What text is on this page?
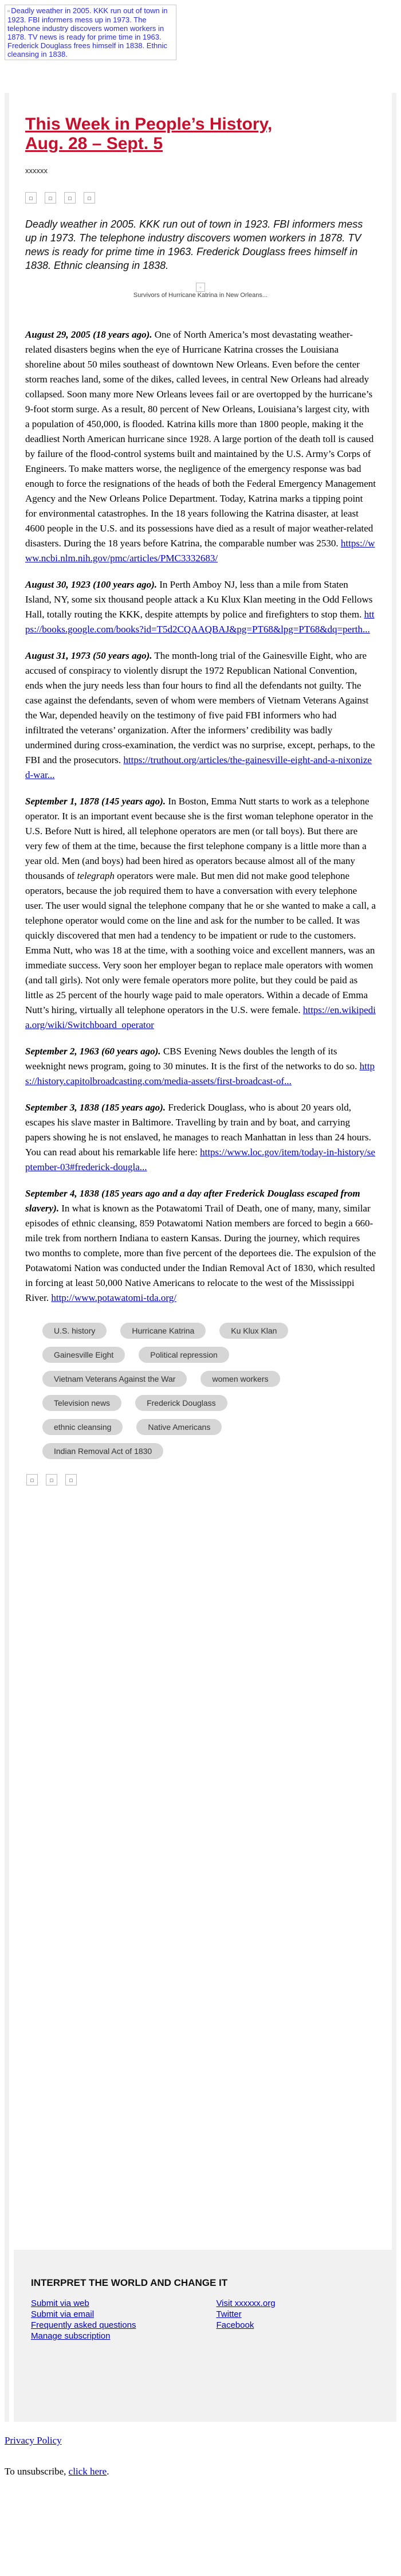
▫ Deadly weather in 2005. KKK run out of town in 1923. FBI informers mess up in 1973. The telephone industry discovers women workers in 1878. TV news is ready for prime time in 1963. Frederick Douglass frees himself in 1838. Ethnic cleansing in 1838.
This Week in People’s History,
Aug. 28 – Sept. 5
xxxxxx
▫	▫	▫	▫
Deadly weather in 2005. KKK run out of town in 1923. FBI informers mess up in 1973. The telephone industry discovers women workers in 1878. TV news is ready for prime time in 1963. Frederick Douglass frees himself in 1838. Ethnic cleansing in 1838.
▫
Survivors of Hurricane Katrina in New Orleans...
August 29, 2005 (18 years ago). One of North America’s most devastating weather-related disasters begins when the eye of Hurricane Katrina crosses the Louisiana shoreline about 50 miles southeast of downtown New Orleans. Even before the center storm reaches land, some of the dikes, called levees, in central New Orleans had already collapsed. Soon many more New Orleans levees fail or are overtopped by the hurricane’s 9-foot storm surge. As a result, 80 percent of New Orleans, Louisiana’s largest city, with a population of 450,000, is flooded. Katrina kills more than 1800 people, making it the deadliest North American hurricane since 1928. A large portion of the death toll is caused by failure of the flood-control systems built and maintained by the U.S. Army’s Corps of Engineers. To make matters worse, the negligence of the emergency response was bad enough to force the resignations of the heads of both the Federal Emergency Management Agency and the New Orleans Police Department. Today, Katrina marks a tipping point for environmental catastrophes. In the 18 years following the Katrina disaster, at least 4600 people in the U.S. and its possessions have died as a result of major weather-related disasters. During the 18 years before Katrina, the comparable number was 2530. https://www.ncbi.nlm.nih.gov/pmc/articles/PMC3332683/
August 30, 1923 (100 years ago). In Perth Amboy NJ, less than a mile from Staten Island, NY, some six thousand people attack a Ku Klux Klan meeting in the Odd Fellows Hall, totally routing the KKK, despite attempts by police and firefighters to stop them. https://books.google.com/books?id=T5d2CQAAQBAJ&pg=PT68&lpg=PT68&dq=perth...
August 31, 1973 (50 years ago). The month-long trial of the Gainesville Eight, who are accused of conspiracy to violently disrupt the 1972 Republican National Convention, ends when the jury needs less than four hours to find all the defendants not guilty. The case against the defendants, seven of whom were members of Vietnam Veterans Against the War, depended heavily on the testimony of five paid FBI informers who had infiltrated the veterans’ organization. After the informers’ credibility was badly undermined during cross-examination, the verdict was no surprise, except, perhaps, to the FBI and the prosecutors. https://truthout.org/articles/the-gainesville-eight-and-a-nixonized-war...
September 1, 1878 (145 years ago). In Boston, Emma Nutt starts to work as a telephone operator. It is an important event because she is the first woman telephone operator in the U.S. Before Nutt is hired, all telephone operators are men (or tall boys). But there are very few of them at the time, because the first telephone company is a little more than a year old. Men (and boys) had been hired as operators because almost all of the many thousands of telegraph operators were male. But men did not make good telephone operators, because the job required them to have a conversation with every telephone user. The user would signal the telephone company that he or she wanted to make a call, a telephone operator would come on the line and ask for the number to be called. It was quickly discovered that men had a tendency to be impatient or rude to the customers. Emma Nutt, who was 18 at the time, with a soothing voice and excellent manners, was an immediate success. Very soon her employer began to replace male operators with women (and tall girls). Not only were female operators more polite, but they could be paid as little as 25 percent of the hourly wage paid to male operators. Within a decade of Emma Nutt’s hiring, virtually all telephone operators in the U.S. were female. https://en.wikipedia.org/wiki/Switchboard_operator
September 2, 1963 (60 years ago). CBS Evening News doubles the length of its weeknight news program, going to 30 minutes. It is the first of the networks to do so. https://history.capitolbroadcasting.com/media-assets/first-broadcast-of...
September 3, 1838 (185 years ago). Frederick Douglass, who is about 20 years old, escapes his slave master in Baltimore. Travelling by train and by boat, and carrying papers showing he is not enslaved, he manages to reach Manhattan in less than 24 hours. You can read about his remarkable life here: https://www.loc.gov/item/today-in-history/september-03#frederick-dougla...
September 4, 1838 (185 years ago and a day after Frederick Douglass escaped from slavery). In what is known as the Potawatomi Trail of Death, one of many, many, similar episodes of ethnic cleansing, 859 Potawatomi Nation members are forced to begin a 660-mile trek from northern Indiana to eastern Kansas. During the journey, which requires two months to complete, more than five percent of the deportees die. The expulsion of the Potawatomi Nation was conducted under the Indian Removal Act of 1830, which resulted in forcing at least 50,000 Native Americans to relocate to the west of the Mississippi River. http://www.potawatomi-tda.org/
U.S. history	Hurricane Katrina	Ku Klux Klan
Gainesville Eight	Political repression
Vietnam Veterans Against the War	women workers
Television news	Frederick Douglass
ethnic cleansing	Native Americans
Indian Removal Act of 1830
▫	▫	▫
INTERPRET THE WORLD AND CHANGE IT
Submit via web
Submit via email
Frequently asked questions
Manage subscription
Visit xxxxxx.org
Twitter
Facebook
Privacy Policy
To unsubscribe, click here.
